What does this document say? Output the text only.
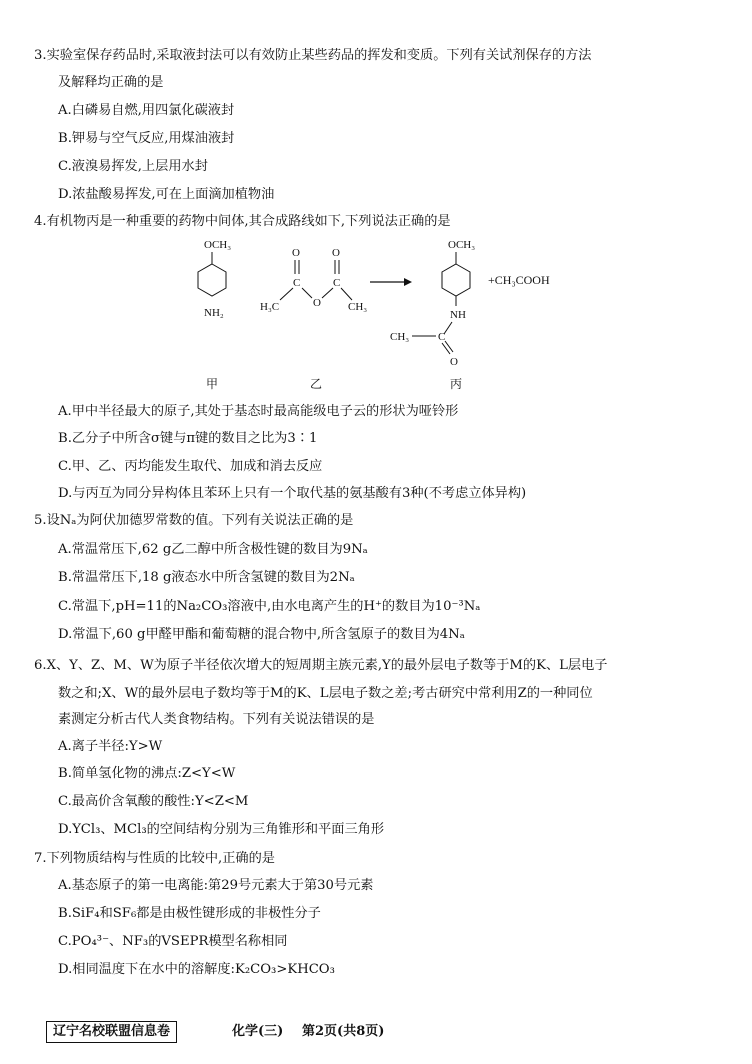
3.实验室保存药品时,采取液封法可以有效防止某些药品的挥发和变质。下列有关试剂保存的方法
及解释均正确的是
A.白磷易自燃,用四氯化碳液封
B.钾易与空气反应,用煤油液封
C.液溴易挥发,上层用水封
D.浓盐酸易挥发,可在上面滴加植物油
4.有机物丙是一种重要的药物中间体,其合成路线如下,下列说法正确的是
OCH₃
NH₂
O	O
C	C
H₃C	O CH₃
OCH₃
NH
CH₃	C
O
+CH₃COOH
甲	乙	丙
A.甲中半径最大的原子,其处于基态时最高能级电子云的形状为哑铃形
B.乙分子中所含σ键与π键的数目之比为3∶1
C.甲、乙、丙均能发生取代、加成和消去反应
D.与丙互为同分异构体且苯环上只有一个取代基的氨基酸有3种(不考虑立体异构)
5.设Nₐ为阿伏加德罗常数的值。下列有关说法正确的是
A.常温常压下,62 g乙二醇中所含极性键的数目为9Nₐ
B.常温常压下,18 g液态水中所含氢键的数目为2Nₐ
C.常温下,pH=11的Na₂CO₃溶液中,由水电离产生的H⁺的数目为10⁻³Nₐ
D.常温下,60 g甲醛甲酯和葡萄糖的混合物中,所含氢原子的数目为4Nₐ
6.X、Y、Z、M、W为原子半径依次增大的短周期主族元素,Y的最外层电子数等于M的K、L层电子
数之和;X、W的最外层电子数均等于M的K、L层电子数之差;考古研究中常利用Z的一种同位
素测定分析古代人类食物结构。下列有关说法错误的是
A.离子半径:Y>W
B.简单氢化物的沸点:Z<Y<W
C.最高价含氧酸的酸性:Y<Z<M
D.YCl₃、MCl₃的空间结构分别为三角锥形和平面三角形
7.下列物质结构与性质的比较中,正确的是
A.基态原子的第一电离能:第29号元素大于第30号元素
B.SiF₄和SF₆都是由极性键形成的非极性分子
C.PO₄³⁻、NF₃的VSEPR模型名称相同
D.相同温度下在水中的溶解度:K₂CO₃>KHCO₃
辽宁名校联盟信息卷	化学(三) 第2页(共8页)
